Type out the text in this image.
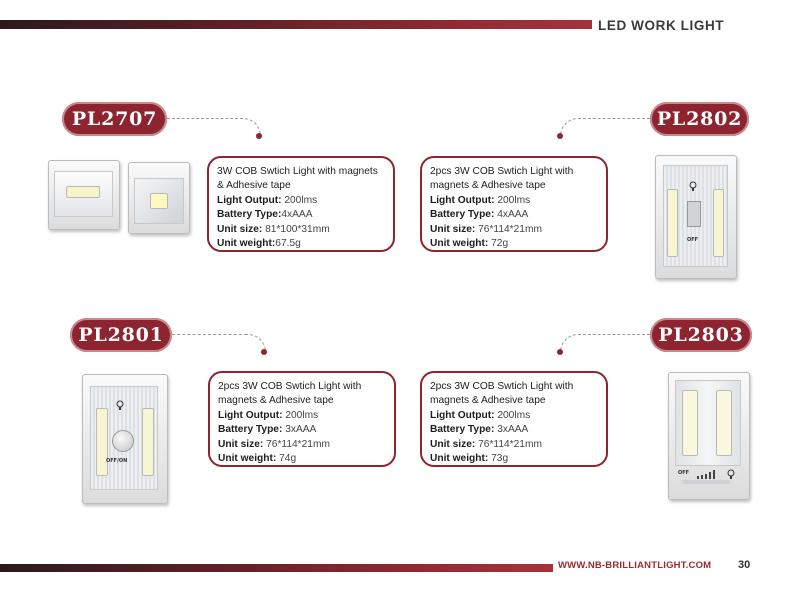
LED WORK LIGHT
PL2707
3W COB Swtich Light with magnets
& Adhesive tape
Light Output: 200lms
Battery Type:4xAAA
Unit size: 81*100*31mm
Unit weight:67.5g
PL2802
2pcs 3W COB Swtich Light with
magnets & Adhesive tape
Light Output: 200lms
Battery Type: 4xAAA
Unit size: 76*114*21mm
Unit weight: 72g	OFF
PL2801
2pcs 3W COB Swtich Light with
magnets & Adhesive tape
Light Output: 200lms
Battery Type: 3xAAA
Unit size: 76*114*21mm
Unit weight: 74g
OFF/ON
PL2803
2pcs 3W COB Swtich Light with
magnets & Adhesive tape
Light Output: 200lms
Battery Type: 3xAAA
Unit size: 76*114*21mm
Unit weight: 73g
OFF
WWW.NB-BRILLIANTLIGHT.COM 30
